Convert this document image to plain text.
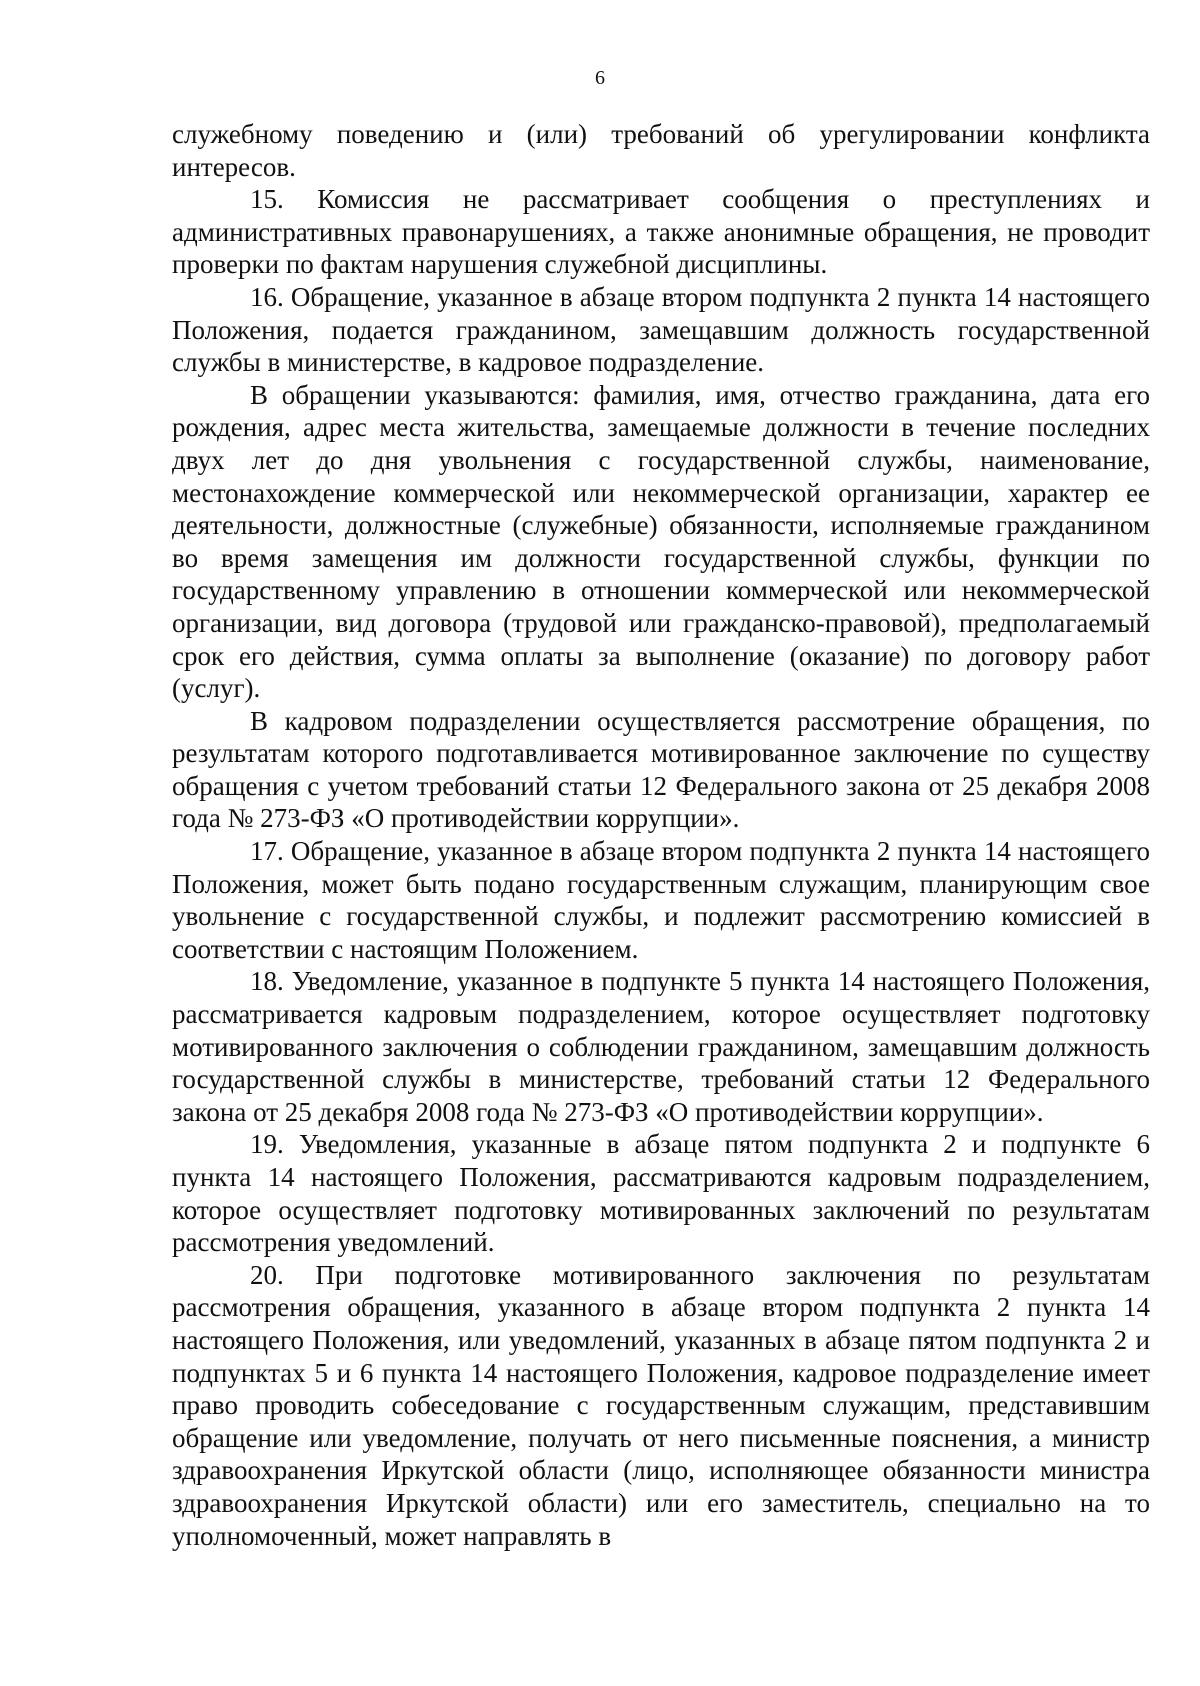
6

служебному поведению и (или) требований об урегулировании конфликта интересов.

15. Комиссия не рассматривает сообщения о преступлениях и административных правонарушениях, а также анонимные обращения, не проводит проверки по фактам нарушения служебной дисциплины.

16. Обращение, указанное в абзаце втором подпункта 2 пункта 14 настоящего Положения, подается гражданином, замещавшим должность государственной службы в министерстве, в кадровое подразделение.

В обращении указываются: фамилия, имя, отчество гражданина, дата его рождения, адрес места жительства, замещаемые должности в течение последних двух лет до дня увольнения с государственной службы, наименование, местонахождение коммерческой или некоммерческой организации, характер ее деятельности, должностные (служебные) обязанности, исполняемые гражданином во время замещения им должности государственной службы, функции по государственному управлению в отношении коммерческой или некоммерческой организации, вид договора (трудовой или гражданско-правовой), предполагаемый срок его действия, сумма оплаты за выполнение (оказание) по договору работ (услуг).

В кадровом подразделении осуществляется рассмотрение обращения, по результатам которого подготавливается мотивированное заключение по существу обращения с учетом требований статьи 12 Федерального закона от 25 декабря 2008 года № 273-ФЗ «О противодействии коррупции».

17. Обращение, указанное в абзаце втором подпункта 2 пункта 14 настоящего Положения, может быть подано государственным служащим, планирующим свое увольнение с государственной службы, и подлежит рассмотрению комиссией в соответствии с настоящим Положением.

18. Уведомление, указанное в подпункте 5 пункта 14 настоящего Положения, рассматривается кадровым подразделением, которое осуществляет подготовку мотивированного заключения о соблюдении гражданином, замещавшим должность государственной службы в министерстве, требований статьи 12 Федерального закона от 25 декабря 2008 года № 273-ФЗ «О противодействии коррупции».

19. Уведомления, указанные в абзаце пятом подпункта 2 и подпункте 6 пункта 14 настоящего Положения, рассматриваются кадровым подразделением, которое осуществляет подготовку мотивированных заключений по результатам рассмотрения уведомлений.

20. При подготовке мотивированного заключения по результатам рассмотрения обращения, указанного в абзаце втором подпункта 2 пункта 14 настоящего Положения, или уведомлений, указанных в абзаце пятом подпункта 2 и подпунктах 5 и 6 пункта 14 настоящего Положения, кадровое подразделение имеет право проводить собеседование с государственным служащим, представившим обращение или уведомление, получать от него письменные пояснения, а министр здравоохранения Иркутской области (лицо, исполняющее обязанности министра здравоохранения Иркутской области) или его заместитель, специально на то уполномоченный, может направлять в
